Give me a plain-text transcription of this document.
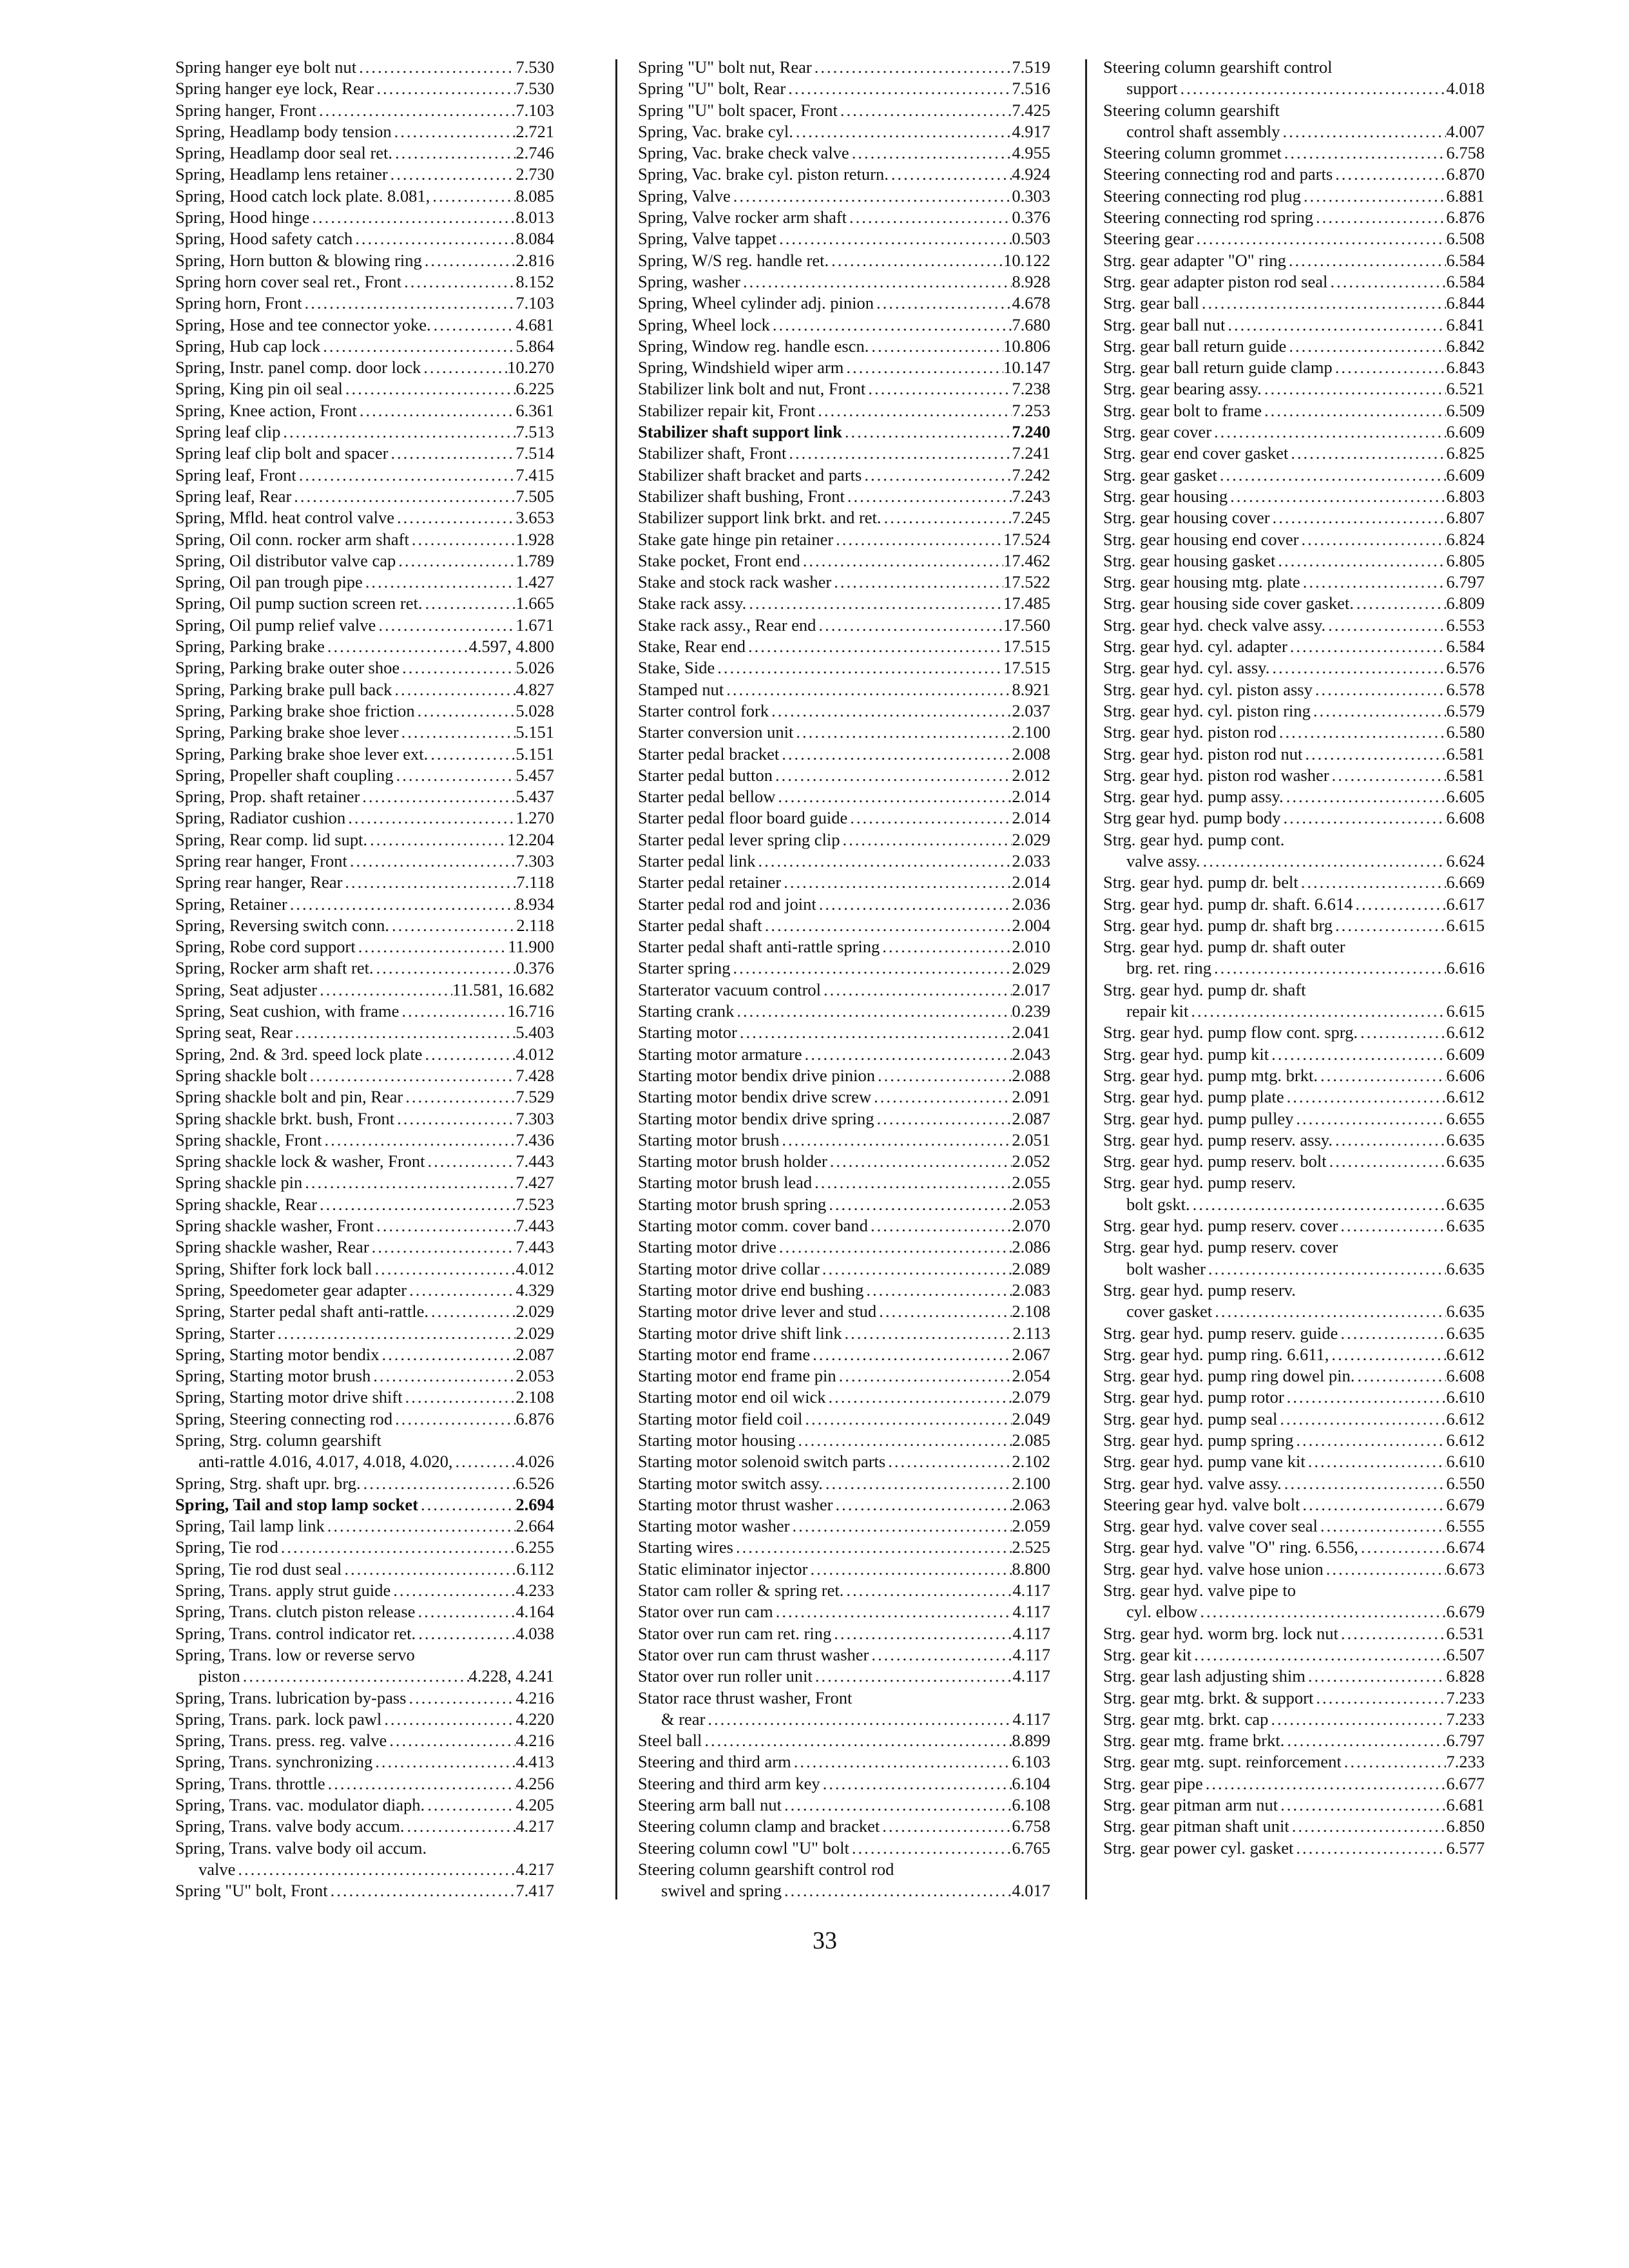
Spring hanger eye bolt nut .....	7.530
Spring hanger eye lock, Rear .....	7.530
Spring hanger, Front .....	7.103
Spring, Headlamp body tension .....	2.721
Spring, Headlamp door seal ret. .....	2.746
Spring, Headlamp lens retainer .....	2.730
Spring, Hood catch lock plate. 8.081, .....	8.085
Spring, Hood hinge .....	8.013
Spring, Hood safety catch .....	8.084
Spring, Horn button & blowing ring .....	2.816
Spring horn cover seal ret., Front .....	8.152
Spring horn, Front .....	7.103
Spring, Hose and tee connector yoke. .....	4.681
Spring, Hub cap lock .....	5.864
Spring, Instr. panel comp. door lock .....	10.270
Spring, King pin oil seal .....	6.225
Spring, Knee action, Front .....	6.361
Spring leaf clip .....	7.513
Spring leaf clip bolt and spacer .....	7.514
Spring leaf, Front .....	7.415
Spring leaf, Rear .....	7.505
Spring, Mfld. heat control valve .....	3.653
Spring, Oil conn. rocker arm shaft .....	1.928
Spring, Oil distributor valve cap .....	1.789
Spring, Oil pan trough pipe .....	1.427
Spring, Oil pump suction screen ret. .....	1.665
Spring, Oil pump relief valve .....	1.671
Spring, Parking brake .....	4.597, 4.800
Spring, Parking brake outer shoe .....	5.026
Spring, Parking brake pull back .....	4.827
Spring, Parking brake shoe friction .....	5.028
Spring, Parking brake shoe lever .....	5.151
Spring, Parking brake shoe lever ext. .....	5.151
Spring, Propeller shaft coupling .....	5.457
Spring, Prop. shaft retainer .....	5.437
Spring, Radiator cushion .....	1.270
Spring, Rear comp. lid supt. .....	12.204
Spring rear hanger, Front .....	7.303
Spring rear hanger, Rear .....	7.118
Spring, Retainer .....	8.934
Spring, Reversing switch conn. .....	2.118
Spring, Robe cord support .....	11.900
Spring, Rocker arm shaft ret. .....	0.376
Spring, Seat adjuster .....	11.581, 16.682
Spring, Seat cushion, with frame .....	16.716
Spring seat, Rear .....	5.403
Spring, 2nd. & 3rd. speed lock plate .....	4.012
Spring shackle bolt .....	7.428
Spring shackle bolt and pin, Rear .....	7.529
Spring shackle brkt. bush, Front .....	7.303
Spring shackle, Front .....	7.436
Spring shackle lock & washer, Front .....	7.443
Spring shackle pin .....	7.427
Spring shackle, Rear .....	7.523
Spring shackle washer, Front .....	7.443
Spring shackle washer, Rear .....	7.443
Spring, Shifter fork lock ball .....	4.012
Spring, Speedometer gear adapter .....	4.329
Spring, Starter pedal shaft anti-rattle. .....	2.029
Spring, Starter .....	2.029
Spring, Starting motor bendix .....	2.087
Spring, Starting motor brush .....	2.053
Spring, Starting motor drive shift .....	2.108
Spring, Steering connecting rod .....	6.876
Spring, Strg. column gearshift
anti-rattle 4.016, 4.017, 4.018, 4.020, .....	4.026
Spring, Strg. shaft upr. brg. .....	6.526
Spring, Tail and stop lamp socket .....	2.694
Spring, Tail lamp link .....	2.664
Spring, Tie rod .....	6.255
Spring, Tie rod dust seal .....	6.112
Spring, Trans. apply strut guide .....	4.233
Spring, Trans. clutch piston release .....	4.164
Spring, Trans. control indicator ret. .....	4.038
Spring, Trans. low or reverse servo
piston .....	4.228, 4.241
Spring, Trans. lubrication by-pass .....	4.216
Spring, Trans. park. lock pawl .....	4.220
Spring, Trans. press. reg. valve .....	4.216
Spring, Trans. synchronizing .....	4.413
Spring, Trans. throttle .....	4.256
Spring, Trans. vac. modulator diaph. .....	4.205
Spring, Trans. valve body accum. .....	4.217
Spring, Trans. valve body oil accum.
valve .....	4.217
Spring "U" bolt, Front .....	7.417
Spring "U" bolt nut, Rear .....	7.519
Spring "U" bolt, Rear .....	7.516
Spring "U" bolt spacer, Front .....	7.425
Spring, Vac. brake cyl. .....	4.917
Spring, Vac. brake check valve .....	4.955
Spring, Vac. brake cyl. piston return. .....	4.924
Spring, Valve .....	0.303
Spring, Valve rocker arm shaft .....	0.376
Spring, Valve tappet .....	0.503
Spring, W/S reg. handle ret. .....	10.122
Spring, washer .....	8.928
Spring, Wheel cylinder adj. pinion .....	4.678
Spring, Wheel lock .....	7.680
Spring, Window reg. handle escn. .....	10.806
Spring, Windshield wiper arm .....	10.147
Stabilizer link bolt and nut, Front .....	7.238
Stabilizer repair kit, Front .....	7.253
Stabilizer shaft support link .....	7.240
Stabilizer shaft, Front .....	7.241
Stabilizer shaft bracket and parts .....	7.242
Stabilizer shaft bushing, Front .....	7.243
Stabilizer support link brkt. and ret. .....	7.245
Stake gate hinge pin retainer .....	17.524
Stake pocket, Front end .....	17.462
Stake and stock rack washer .....	17.522
Stake rack assy. .....	17.485
Stake rack assy., Rear end .....	17.560
Stake, Rear end .....	17.515
Stake, Side .....	17.515
Stamped nut .....	8.921
Starter control fork .....	2.037
Starter conversion unit .....	2.100
Starter pedal bracket .....	2.008
Starter pedal button .....	2.012
Starter pedal bellow .....	2.014
Starter pedal floor board guide .....	2.014
Starter pedal lever spring clip .....	2.029
Starter pedal link .....	2.033
Starter pedal retainer .....	2.014
Starter pedal rod and joint .....	2.036
Starter pedal shaft .....	2.004
Starter pedal shaft anti-rattle spring .....	2.010
Starter spring .....	2.029
Starterator vacuum control .....	2.017
Starting crank .....	0.239
Starting motor .....	2.041
Starting motor armature .....	2.043
Starting motor bendix drive pinion .....	2.088
Starting motor bendix drive screw .....	2.091
Starting motor bendix drive spring .....	2.087
Starting motor brush .....	2.051
Starting motor brush holder .....	2.052
Starting motor brush lead .....	2.055
Starting motor brush spring .....	2.053
Starting motor comm. cover band .....	2.070
Starting motor drive .....	2.086
Starting motor drive collar .....	2.089
Starting motor drive end bushing .....	2.083
Starting motor drive lever and stud .....	2.108
Starting motor drive shift link .....	2.113
Starting motor end frame .....	2.067
Starting motor end frame pin .....	2.054
Starting motor end oil wick .....	2.079
Starting motor field coil .....	2.049
Starting motor housing .....	2.085
Starting motor solenoid switch parts .....	2.102
Starting motor switch assy. .....	2.100
Starting motor thrust washer .....	2.063
Starting motor washer .....	2.059
Starting wires .....	2.525
Static eliminator injector .....	8.800
Stator cam roller & spring ret. .....	4.117
Stator over run cam .....	4.117
Stator over run cam ret. ring .....	4.117
Stator over run cam thrust washer .....	4.117
Stator over run roller unit .....	4.117
Stator race thrust washer, Front
& rear .....	4.117
Steel ball .....	8.899
Steering and third arm .....	6.103
Steering and third arm key .....	6.104
Steering arm ball nut .....	6.108
Steering column clamp and bracket .....	6.758
Steering column cowl "U" bolt .....	6.765
Steering column gearshift control rod
swivel and spring .....	4.017
Steering column gearshift control
support .....	4.018
Steering column gearshift
control shaft assembly .....	4.007
Steering column grommet .....	6.758
Steering connecting rod and parts .....	6.870
Steering connecting rod plug .....	6.881
Steering connecting rod spring .....	6.876
Steering gear .....	6.508
Strg. gear adapter "O" ring .....	6.584
Strg. gear adapter piston rod seal .....	6.584
Strg. gear ball .....	6.844
Strg. gear ball nut .....	6.841
Strg. gear ball return guide .....	6.842
Strg. gear ball return guide clamp .....	6.843
Strg. gear bearing assy. .....	6.521
Strg. gear bolt to frame .....	6.509
Strg. gear cover .....	6.609
Strg. gear end cover gasket .....	6.825
Strg. gear gasket .....	6.609
Strg. gear housing .....	6.803
Strg. gear housing cover .....	6.807
Strg. gear housing end cover .....	6.824
Strg. gear housing gasket .....	6.805
Strg. gear housing mtg. plate .....	6.797
Strg. gear housing side cover gasket. .....	6.809
Strg. gear hyd. check valve assy. .....	6.553
Strg. gear hyd. cyl. adapter .....	6.584
Strg. gear hyd. cyl. assy. .....	6.576
Strg. gear hyd. cyl. piston assy .....	6.578
Strg. gear hyd. cyl. piston ring .....	6.579
Strg. gear hyd. piston rod .....	6.580
Strg. gear hyd. piston rod nut .....	6.581
Strg. gear hyd. piston rod washer .....	6.581
Strg. gear hyd. pump assy. .....	6.605
Strg gear hyd. pump body .....	6.608
Strg. gear hyd. pump cont.
valve assy. .....	6.624
Strg. gear hyd. pump dr. belt .....	6.669
Strg. gear hyd. pump dr. shaft. 6.614 .....	6.617
Strg. gear hyd. pump dr. shaft brg .....	6.615
Strg. gear hyd. pump dr. shaft outer
brg. ret. ring .....	6.616
Strg. gear hyd. pump dr. shaft
repair kit .....	6.615
Strg. gear hyd. pump flow cont. sprg. .....	6.612
Strg. gear hyd. pump kit .....	6.609
Strg. gear hyd. pump mtg. brkt. .....	6.606
Strg. gear hyd. pump plate .....	6.612
Strg. gear hyd. pump pulley .....	6.655
Strg. gear hyd. pump reserv. assy. .....	6.635
Strg. gear hyd. pump reserv. bolt .....	6.635
Strg. gear hyd. pump reserv.
bolt gskt. .....	6.635
Strg. gear hyd. pump reserv. cover .....	6.635
Strg. gear hyd. pump reserv. cover
bolt washer .....	6.635
Strg. gear hyd. pump reserv.
cover gasket .....	6.635
Strg. gear hyd. pump reserv. guide .....	6.635
Strg. gear hyd. pump ring. 6.611, .....	6.612
Strg. gear hyd. pump ring dowel pin. .....	6.608
Strg. gear hyd. pump rotor .....	6.610
Strg. gear hyd. pump seal .....	6.612
Strg. gear hyd. pump spring .....	6.612
Strg. gear hyd. pump vane kit .....	6.610
Strg. gear hyd. valve assy. .....	6.550
Steering gear hyd. valve bolt .....	6.679
Strg. gear hyd. valve cover seal .....	6.555
Strg. gear hyd. valve "O" ring. 6.556, .....	6.674
Strg. gear hyd. valve hose union .....	6.673
Strg. gear hyd. valve pipe to
cyl. elbow .....	6.679
Strg. gear hyd. worm brg. lock nut .....	6.531
Strg. gear kit .....	6.507
Strg. gear lash adjusting shim .....	6.828
Strg. gear mtg. brkt. & support .....	7.233
Strg. gear mtg. brkt. cap .....	7.233
Strg. gear mtg. frame brkt. .....	6.797
Strg. gear mtg. supt. reinforcement .....	7.233
Strg. gear pipe .....	6.677
Strg. gear pitman arm nut .....	6.681
Strg. gear pitman shaft unit .....	6.850
Strg. gear power cyl. gasket .....	6.577
33
